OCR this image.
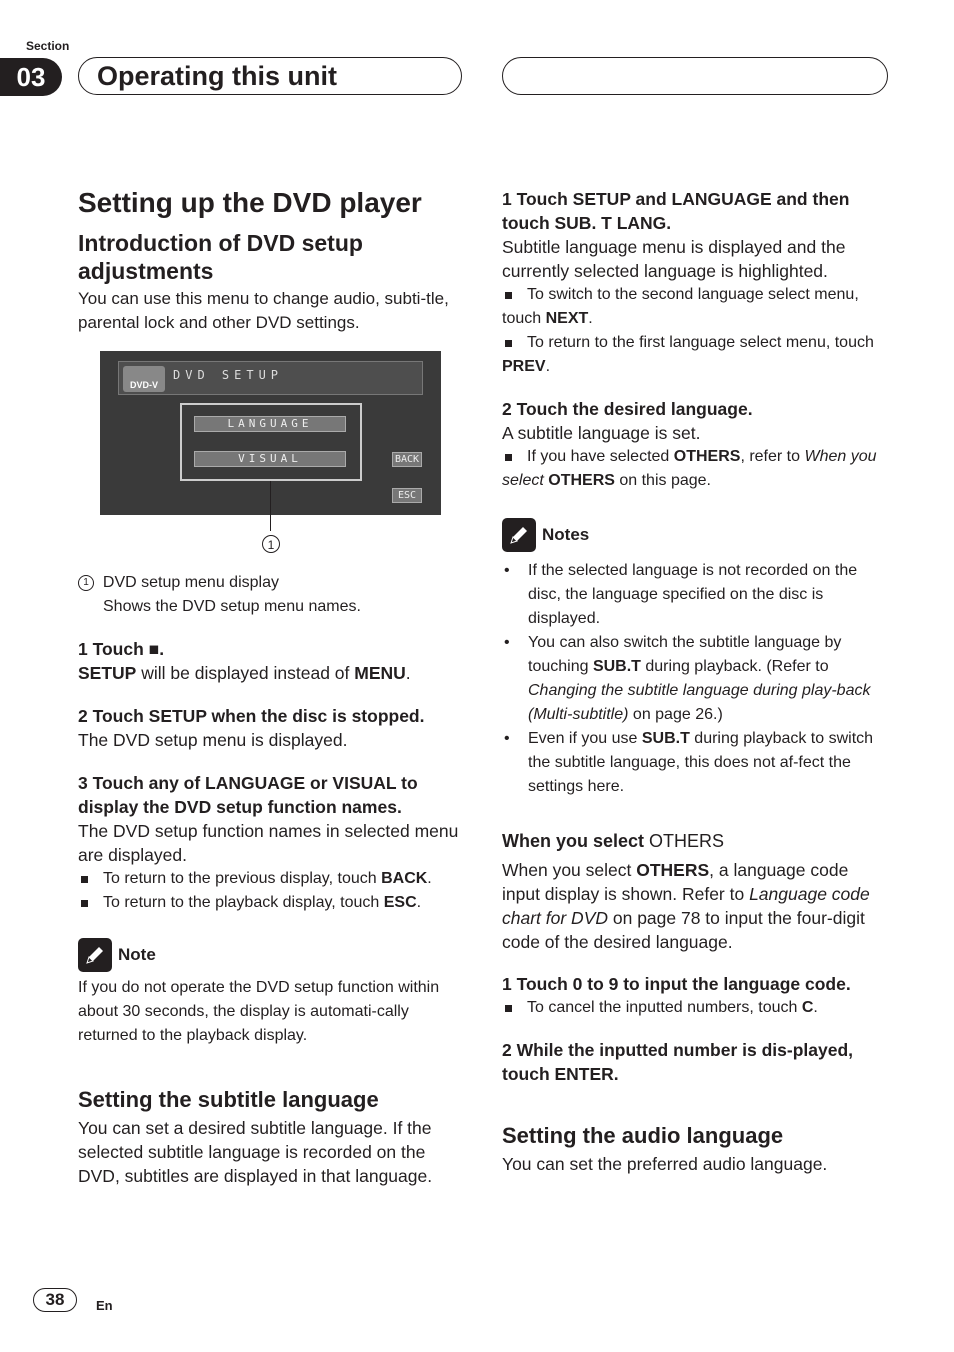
Section
03	Operating this unit
Setting up the DVD player
Introduction of DVD setup adjustments

You can use this menu to change audio, subti-tle, parental lock and other DVD settings.

DVD-V
DVD SETUP
LANGUAGE
VISUAL	BACK
ESC
1

1 DVD setup menu display

Shows the DVD setup menu names.

1 Touch ■.

SETUP will be displayed instead of MENU.

2 Touch SETUP when the disc is stopped.

The DVD setup menu is displayed.

3 Touch any of LANGUAGE or VISUAL to display the DVD setup function names.

The DVD setup function names in selected menu are displayed.

To return to the previous display, touch BACK.

To return to the playback display, touch ESC.

Note

If you do not operate the DVD setup function within about 30 seconds, the display is automati-cally returned to the playback display.

Setting the subtitle language

You can set a desired subtitle language. If the selected subtitle language is recorded on the DVD, subtitles are displayed in that language.

1 Touch SETUP and LANGUAGE and then touch SUB. T LANG.

Subtitle language menu is displayed and the currently selected language is highlighted.

To switch to the second language select menu, touch NEXT.

To return to the first language select menu, touch PREV.

2 Touch the desired language.

A subtitle language is set.

If you have selected OTHERS, refer to When you select OTHERS on this page.

Notes

• If the selected language is not recorded on the disc, the language specified on the disc is displayed.

• You can also switch the subtitle language by touching SUB.T during playback. (Refer to Changing the subtitle language during play-back (Multi-subtitle) on page 26.)

• Even if you use SUB.T during playback to switch the subtitle language, this does not af-fect the settings here.

When you select OTHERS

When you select OTHERS, a language code input display is shown. Refer to Language code chart for DVD on page 78 to input the four-digit code of the desired language.

1 Touch 0 to 9 to input the language code.

To cancel the inputted numbers, touch C.

2 While the inputted number is dis-played, touch ENTER.

Setting the audio language

You can set the preferred audio language.

38	En
